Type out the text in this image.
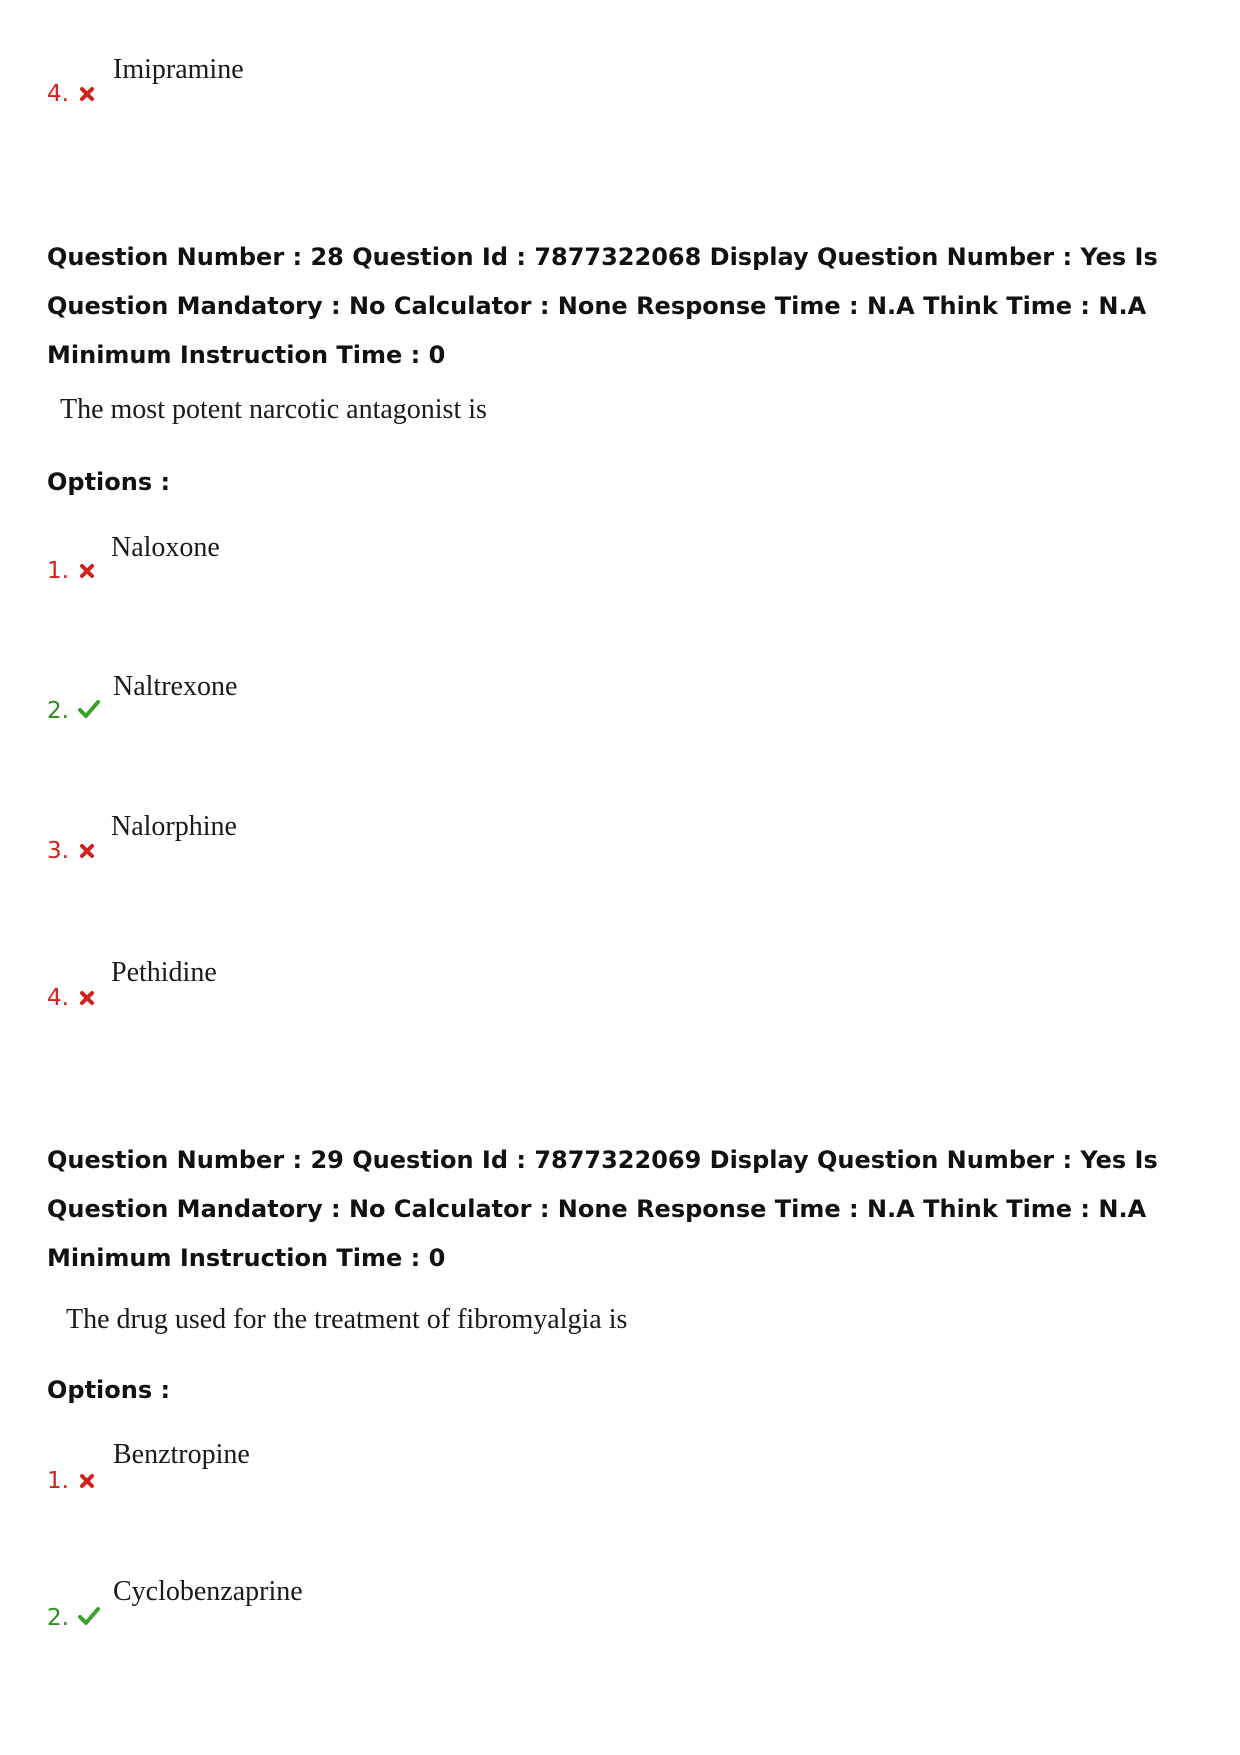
4.
Imipramine
Question Number : 28 Question Id : 7877322068 Display Question Number : Yes Is Question Mandatory : No Calculator : None Response Time : N.A Think Time : N.A Minimum Instruction Time : 0
The most potent narcotic antagonist is
Options :
1.
Naloxone
2.
Naltrexone
3.
Nalorphine
4.
Pethidine
Question Number : 29 Question Id : 7877322069 Display Question Number : Yes Is Question Mandatory : No Calculator : None Response Time : N.A Think Time : N.A Minimum Instruction Time : 0
The drug used for the treatment of fibromyalgia is
Options :
1.
Benztropine
2.
Cyclobenzaprine
